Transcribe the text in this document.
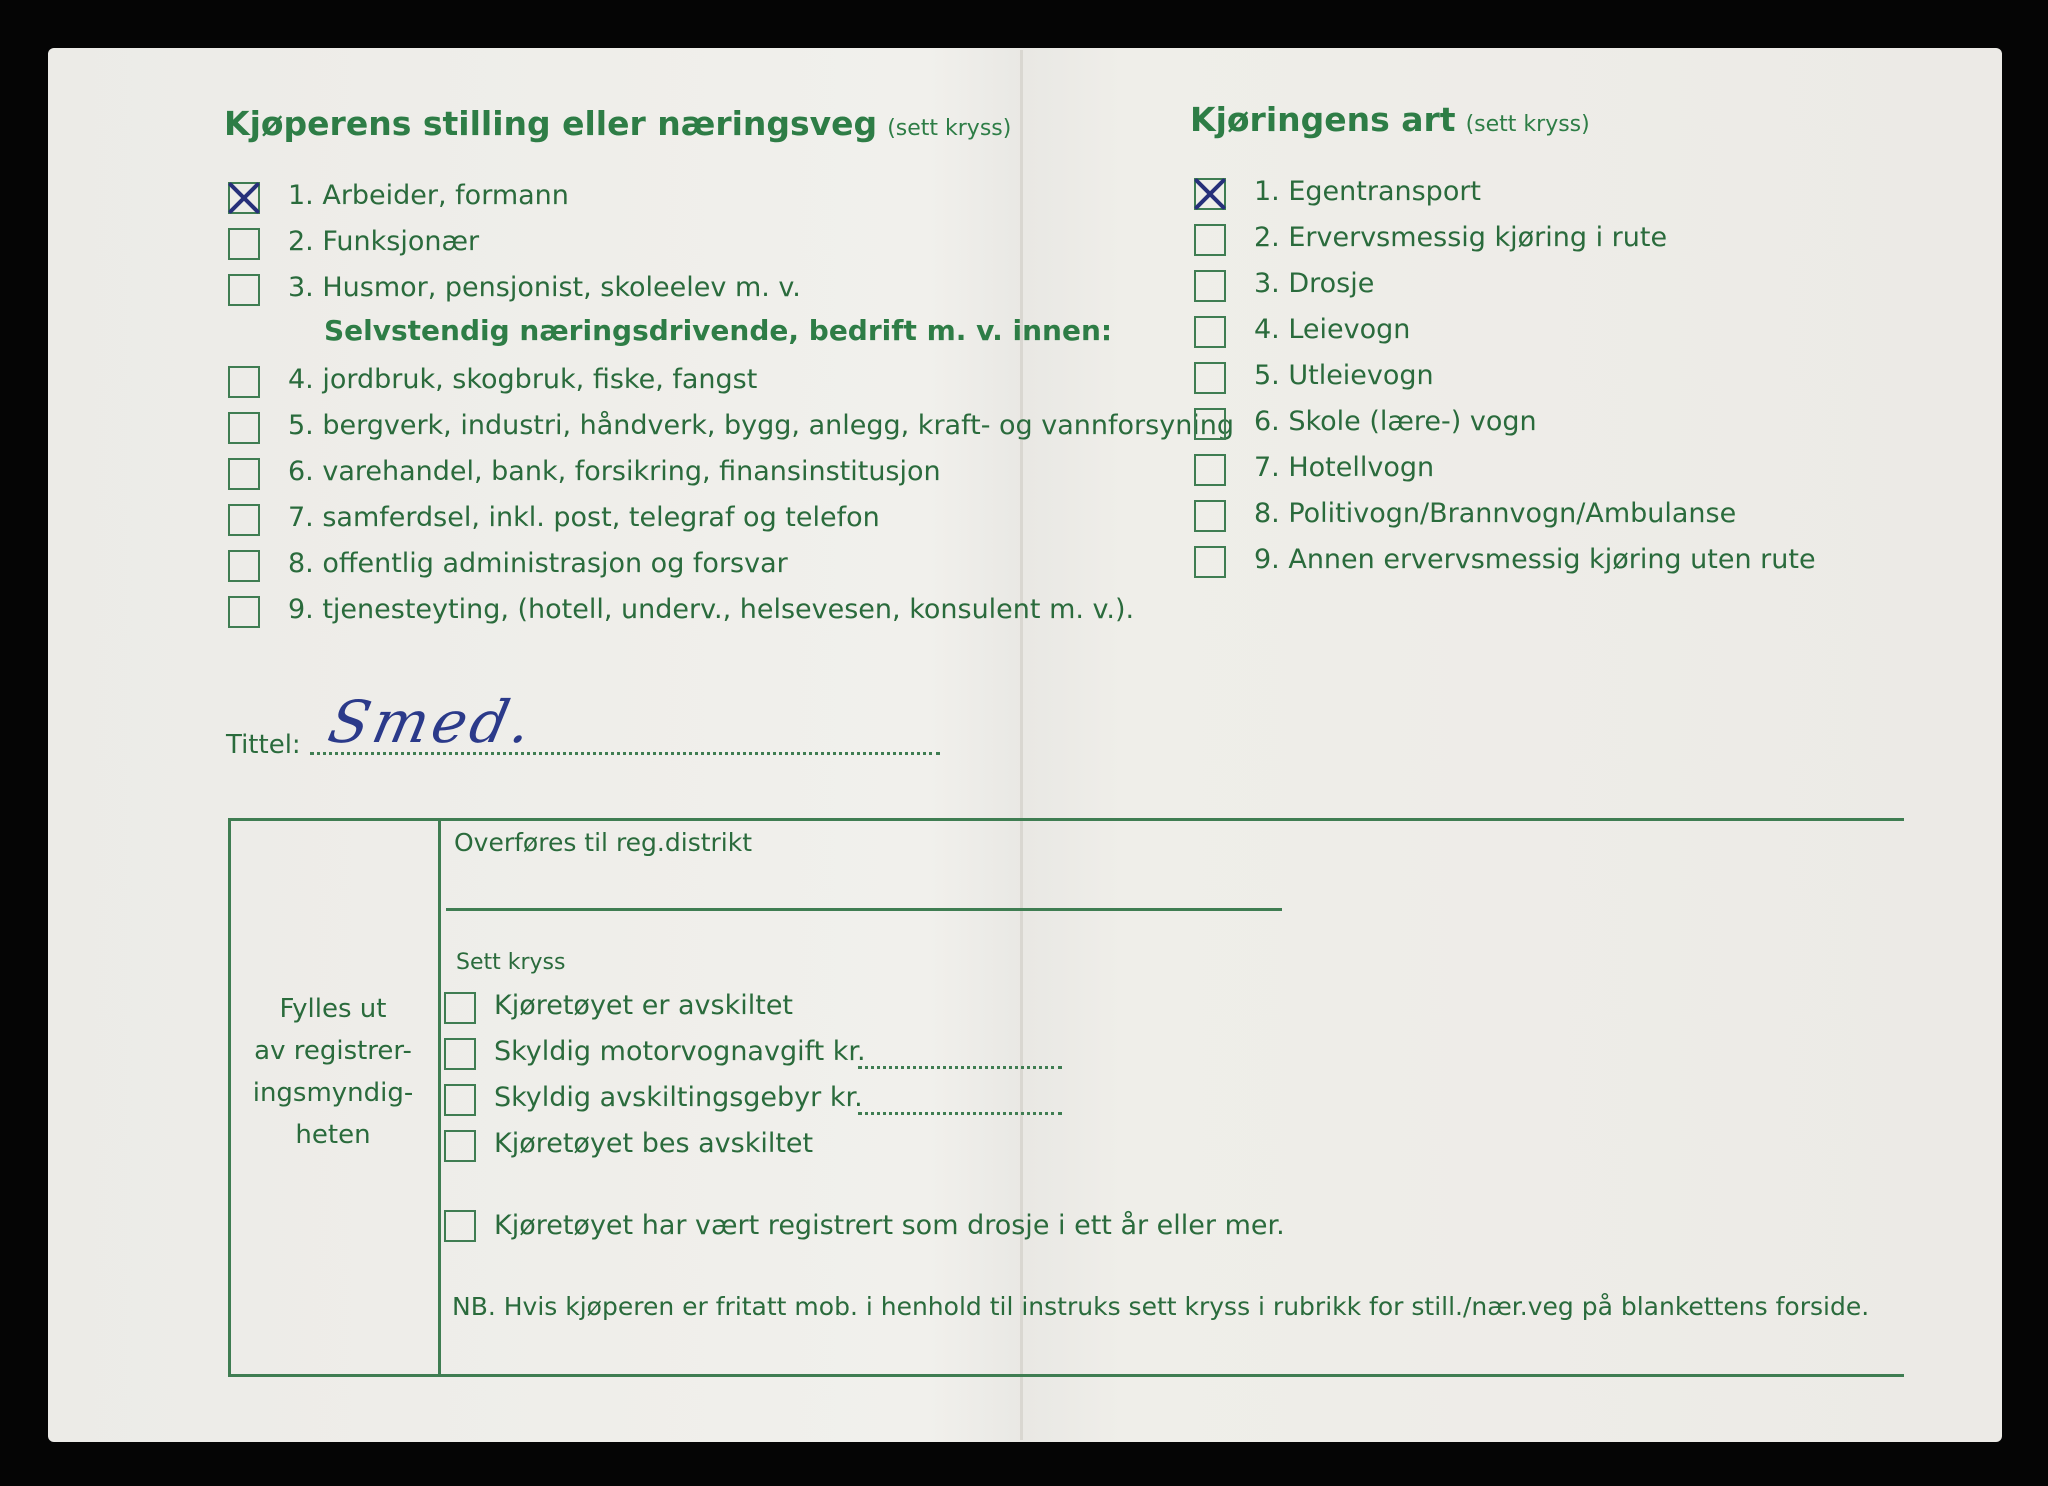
Kjøperens stilling eller næringsveg (sett kryss)
1. Arbeider, formann
2. Funksjonær
3. Husmor, pensjonist, skoleelev m. v.
Selvstendig næringsdrivende, bedrift m. v. innen:
4. jordbruk, skogbruk, fiske, fangst
5. bergverk, industri, håndverk, bygg, anlegg, kraft- og vannforsyning
6. varehandel, bank, forsikring, finansinstitusjon
7. samferdsel, inkl. post, telegraf og telefon
8. offentlig administrasjon og forsvar
9. tjenesteyting, (hotell, underv., helsevesen, konsulent m. v.).
Kjøringens art (sett kryss)
1. Egentransport
2. Ervervsmessig kjøring i rute
3. Drosje
4. Leievogn
5. Utleievogn
6. Skole (lære-) vogn
7. Hotellvogn
8. Politivogn/Brannvogn/Ambulanse
9. Annen ervervsmessig kjøring uten rute
Tittel: Smed.
Fylles ut
av registrer-
ingsmyndig-
heten
Overføres til reg.distrikt
Sett kryss
Kjøretøyet er avskiltet
Skyldig motorvognavgift kr.
Skyldig avskiltingsgebyr kr.
Kjøretøyet bes avskiltet
Kjøretøyet har vært registrert som drosje i ett år eller mer.
NB. Hvis kjøperen er fritatt mob. i henhold til instruks sett kryss i rubrikk for still./nær.veg på blankettens forside.
